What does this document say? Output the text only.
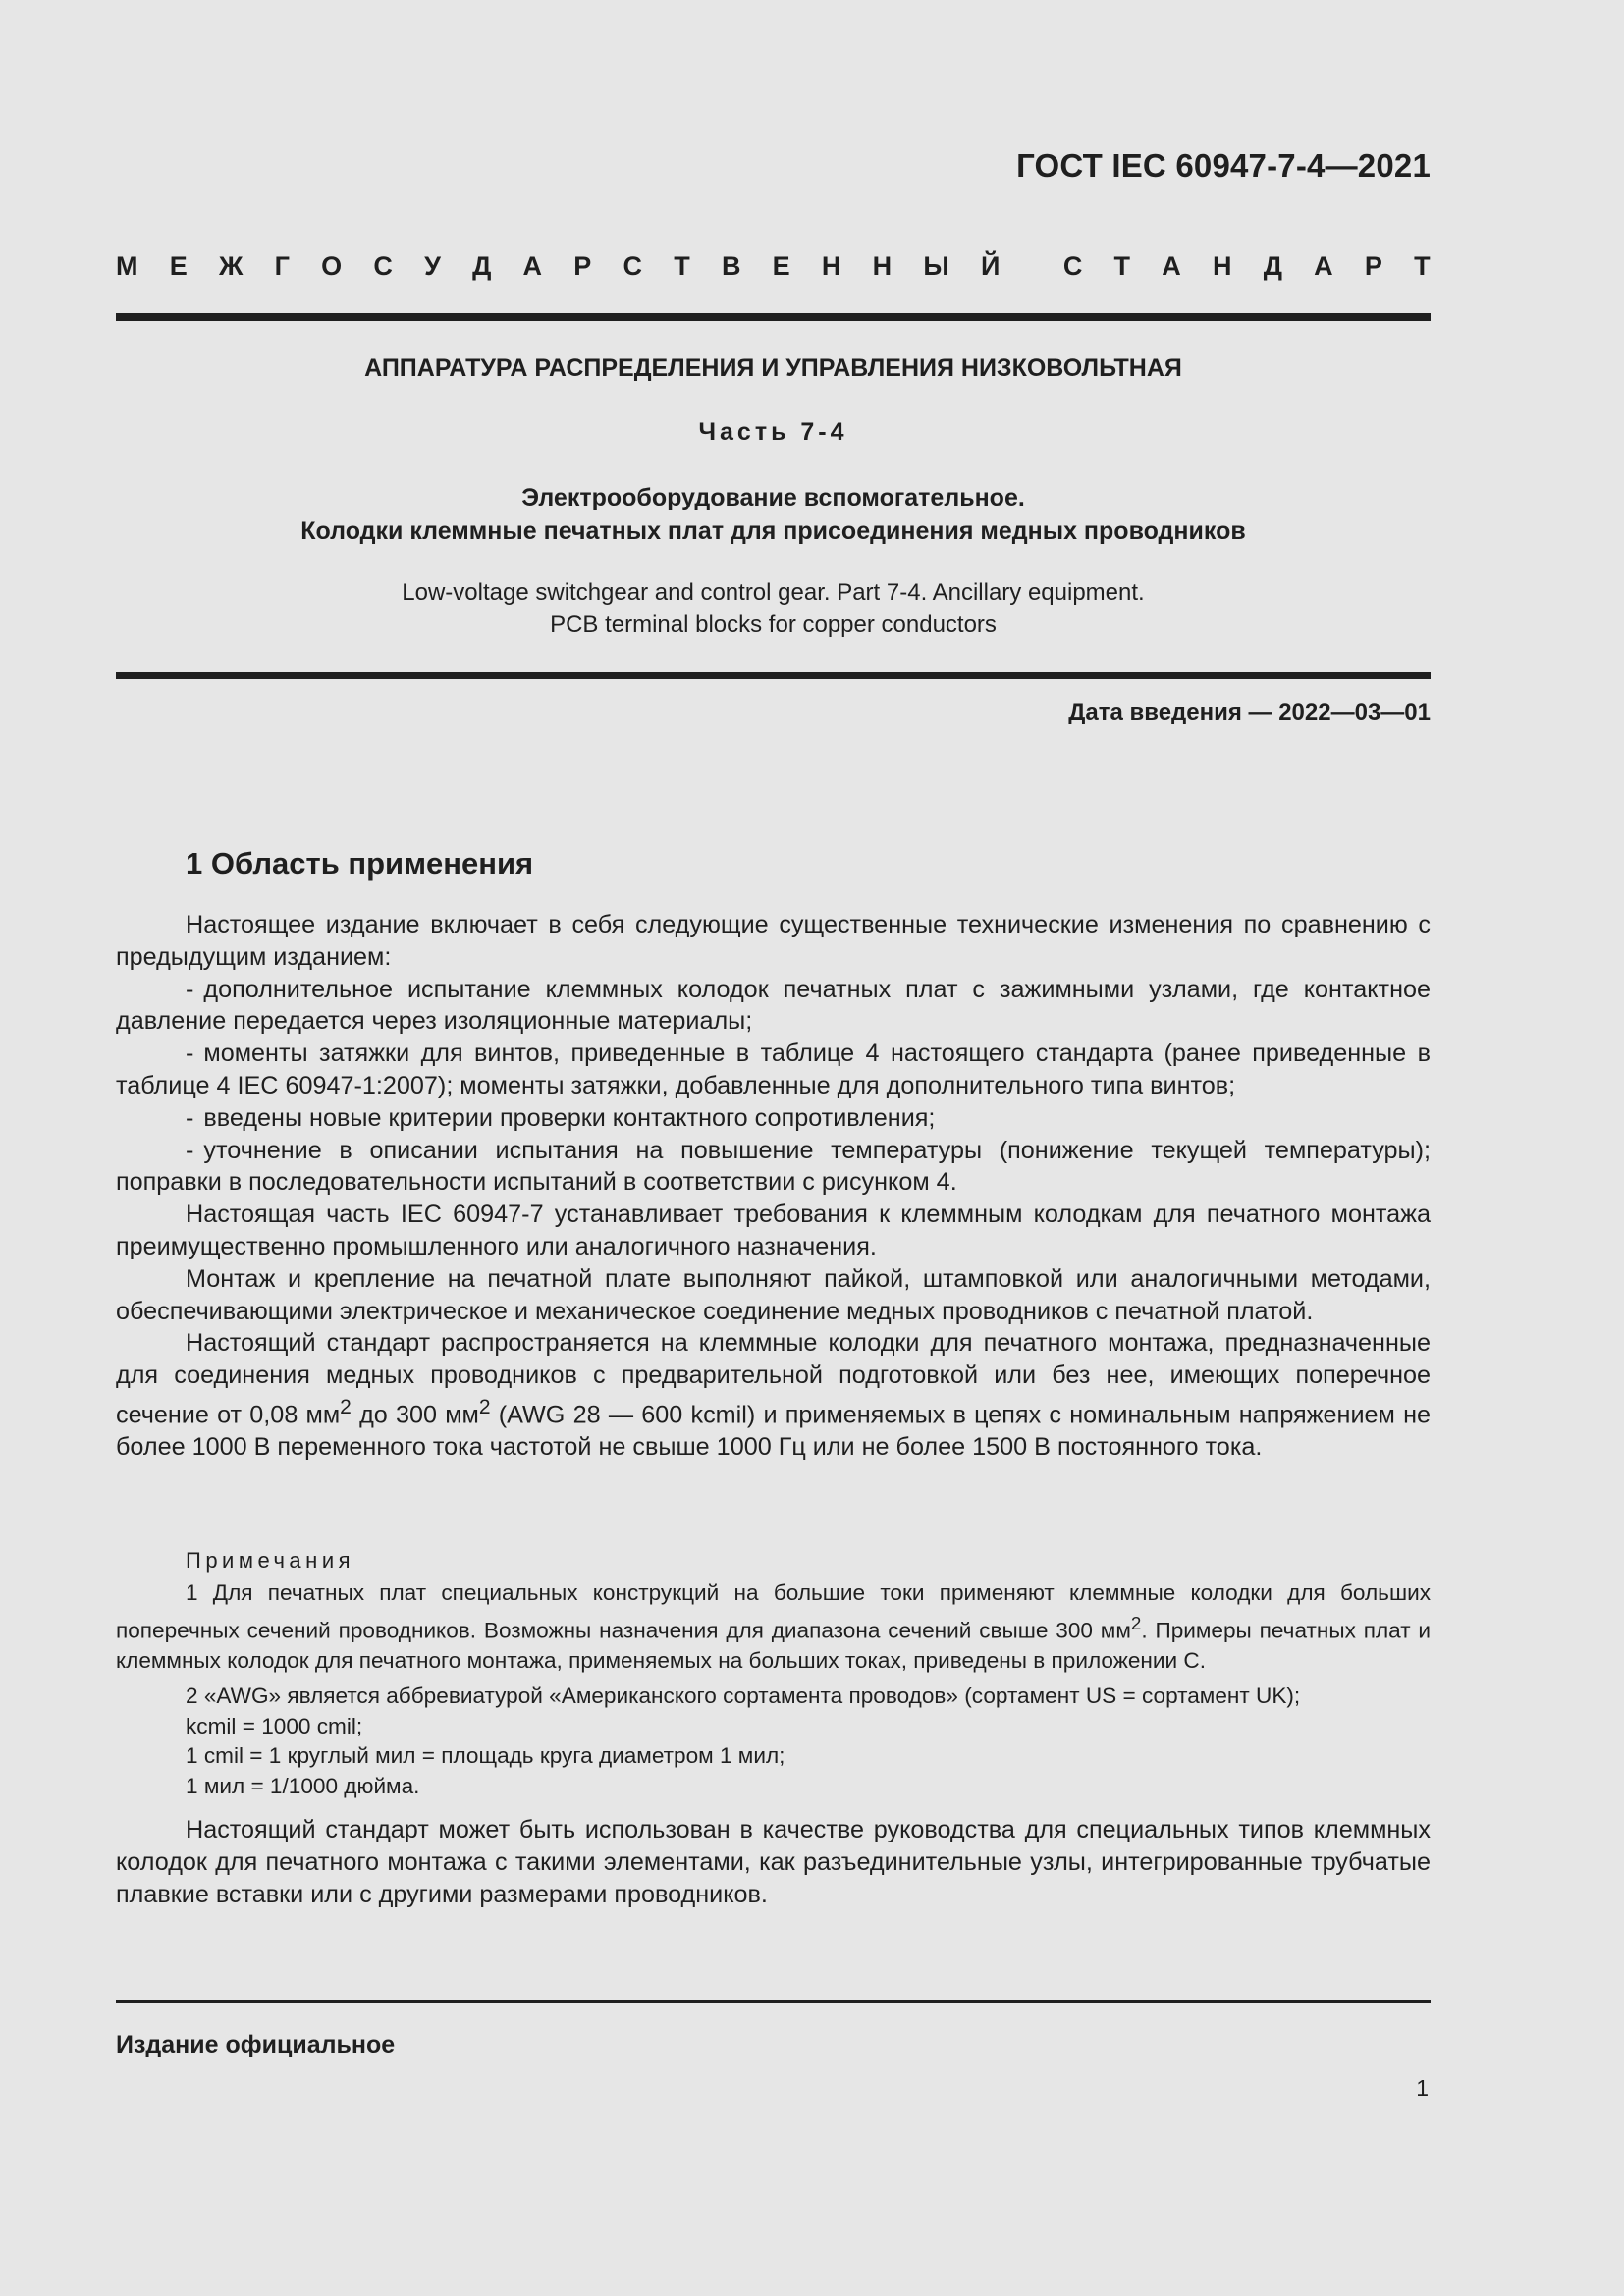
ГОСТ IEC 60947-7-4—2021
М Е Ж Г О С У Д А Р С Т В Е Н Н Ы Й С Т А Н Д А Р Т
АППАРАТУРА РАСПРЕДЕЛЕНИЯ И УПРАВЛЕНИЯ НИЗКОВОЛЬТНАЯ
Часть 7-4
Электрооборудование вспомогательное.
Колодки клеммные печатных плат для присоединения медных проводников
Low-voltage switchgear and control gear. Part 7-4. Ancillary equipment.
PCB terminal blocks for copper conductors
Дата введения — 2022—03—01
1 Область применения

Настоящее издание включает в себя следующие существенные технические изменения по сравнению с предыдущим изданием:

- дополнительное испытание клеммных колодок печатных плат с зажимными узлами, где контактное давление передается через изоляционные материалы;

- моменты затяжки для винтов, приведенные в таблице 4 настоящего стандарта (ранее приведенные в таблице 4 IEC 60947-1:2007); моменты затяжки, добавленные для дополнительного типа винтов;

- введены новые критерии проверки контактного сопротивления;

- уточнение в описании испытания на повышение температуры (понижение текущей температуры); поправки в последовательности испытаний в соответствии с рисунком 4.

Настоящая часть IEC 60947-7 устанавливает требования к клеммным колодкам для печатного монтажа преимущественно промышленного или аналогичного назначения.

Монтаж и крепление на печатной плате выполняют пайкой, штамповкой или аналогичными методами, обеспечивающими электрическое и механическое соединение медных проводников с печатной платой.

Настоящий стандарт распространяется на клеммные колодки для печатного монтажа, предназначенные для соединения медных проводников с предварительной подготовкой или без нее, имеющих поперечное сечение от 0,08 $мм^2$ до 300 $мм^2$ (AWG 28 — 600 kcmil) и применяемых в цепях с номинальным напряжением не более 1000 В переменного тока частотой не свыше 1000 Гц или не более 1500 В постоянного тока.

Примечания

1 Для печатных плат специальных конструкций на большие токи применяют клеммные колодки для больших поперечных сечений проводников. Возможны назначения для диапазона сечений свыше 300 $мм^2$. Примеры печатных плат и клеммных колодок для печатного монтажа, применяемых на больших токах, приведены в приложении С.

2 «AWG» является аббревиатурой «Американского сортамента проводов» (сортамент US = сортамент UK);

kcmil = 1000 cmil;

1 cmil = 1 круглый мил = площадь круга диаметром 1 мил;

1 мил = 1/1000 дюйма.

Настоящий стандарт может быть использован в качестве руководства для специальных типов клеммных колодок для печатного монтажа с такими элементами, как разъединительные узлы, интегрированные трубчатые плавкие вставки или с другими размерами проводников.

Издание официальное
1
